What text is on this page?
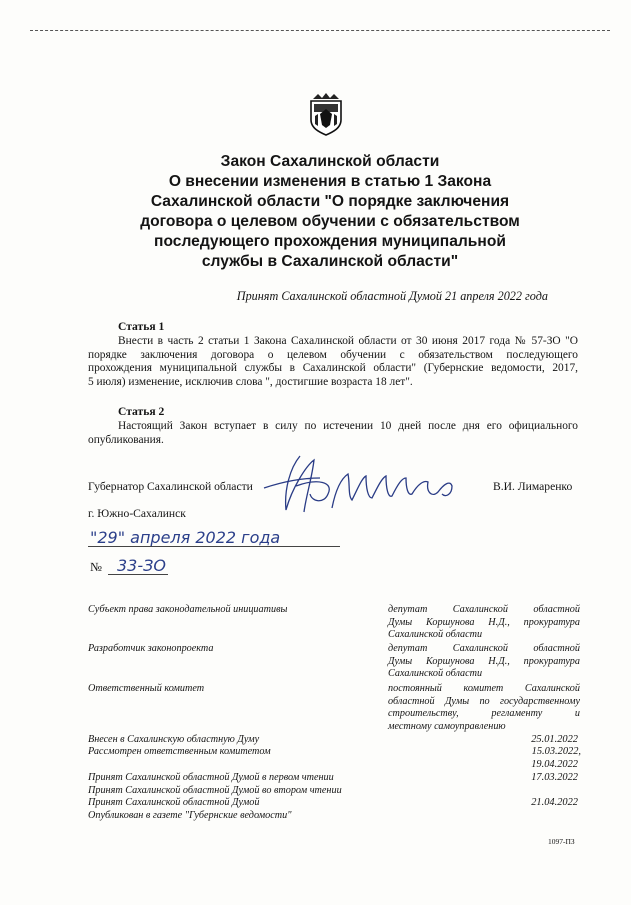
Закон Сахалинской области
О внесении изменения в статью 1 Закона
Сахалинской области "О порядке заключения
договора о целевом обучении с обязательством
последующего прохождения муниципальной
службы в Сахалинской области"
Принят Сахалинской областной Думой 21 апреля 2022 года
Статья 1
Внести в часть 2 статьи 1 Закона Сахалинской области от 30 июня 2017 года № 57-ЗО "О
порядке заключения договора о целевом обучении с обязательством последующего
прохождения муниципальной службы в Сахалинской области" (Губернские ведомости, 2017,
5 июля) изменение, исключив слова ", достигшие возраста 18 лет".
Статья 2
Настоящий Закон вступает в силу по истечении 10 дней после дня его официального
опубликования.
Губернатор Сахалинской области	В.И. Лимаренко
г. Южно-Сахалинск
"29" апреля 2022 года
№ 33-ЗО
Субъект права законодательной инициативы	депутат Сахалинской областной
Думы Коршунова Н.Д., прокуратура
Сахалинской области
Разработчик законопроекта	депутат Сахалинской областной
Думы Коршунова Н.Д., прокуратура
Сахалинской области
Ответственный комитет	постоянный комитет Сахалинской
областной Думы по государственному
строительству, регламенту и
местному самоуправлению
Внесен в Сахалинскую областную Думу	25.01.2022
Рассмотрен ответственным комитетом	15.03.2022,
19.04.2022
Принят Сахалинской областной Думой в первом чтении	17.03.2022
Принят Сахалинской областной Думой во втором чтении
Принят Сахалинской областной Думой	21.04.2022
Опубликован в газете "Губернские ведомости"
1097-ПЗ
